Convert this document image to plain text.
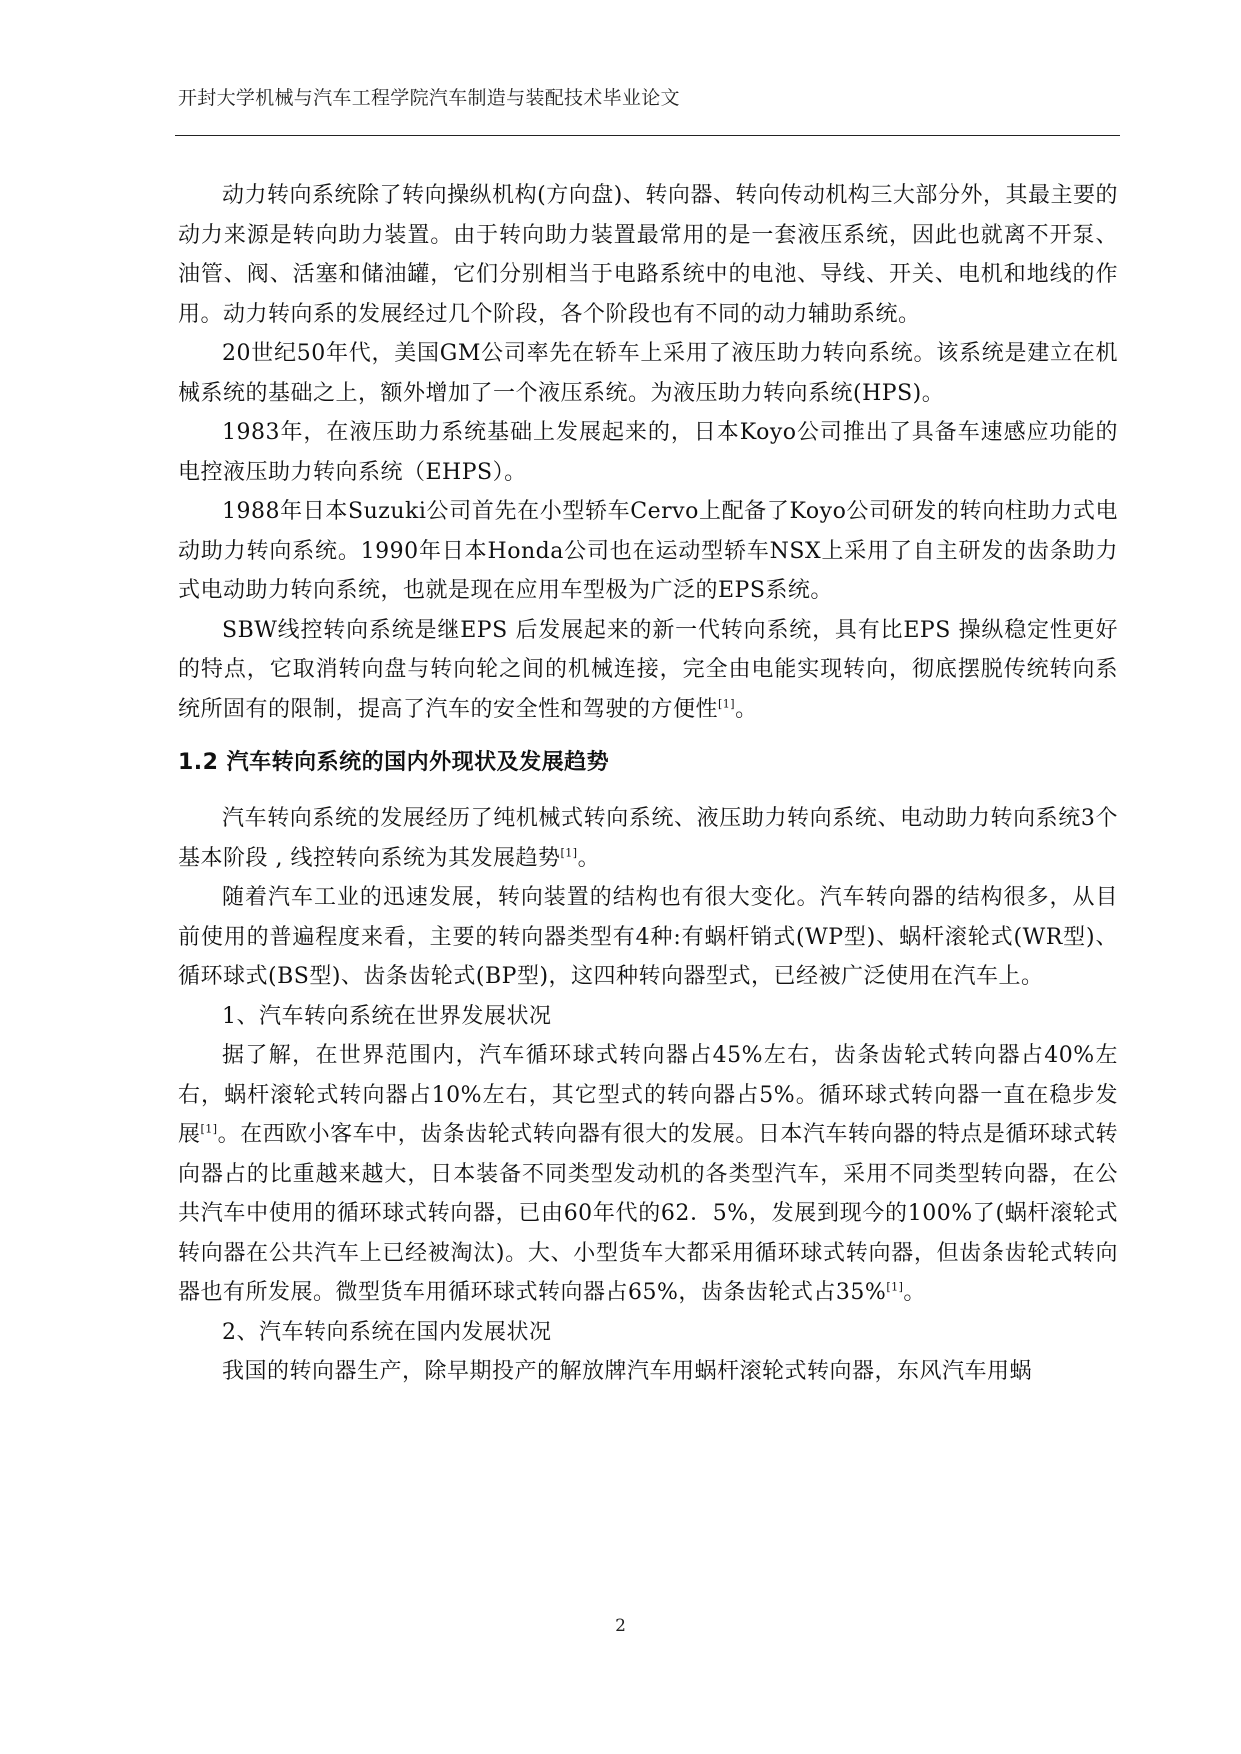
开封大学机械与汽车工程学院汽车制造与装配技术毕业论文

动力转向系统除了转向操纵机构(方向盘)、转向器、转向传动机构三大部分外，其最主要的动力来源是转向助力装置。由于转向助力装置最常用的是一套液压系统，因此也就离不开泵、油管、阀、活塞和储油罐，它们分别相当于电路系统中的电池、导线、开关、电机和地线的作用。动力转向系的发展经过几个阶段，各个阶段也有不同的动力辅助系统。

20世纪50年代，美国GM公司率先在轿车上采用了液压助力转向系统。该系统是建立在机械系统的基础之上，额外增加了一个液压系统。为液压助力转向系统(HPS)。

1983年，在液压助力系统基础上发展起来的，日本Koyo公司推出了具备车速感应功能的电控液压助力转向系统（EHPS）。

1988年日本Suzuki公司首先在小型轿车Cervo上配备了Koyo公司研发的转向柱助力式电动助力转向系统。1990年日本Honda公司也在运动型轿车NSX上采用了自主研发的齿条助力式电动助力转向系统，也就是现在应用车型极为广泛的EPS系统。

SBW线控转向系统是继EPS 后发展起来的新一代转向系统，具有比EPS 操纵稳定性更好的特点，它取消转向盘与转向轮之间的机械连接，完全由电能实现转向，彻底摆脱传统转向系统所固有的限制，提高了汽车的安全性和驾驶的方便性[1]。

1.2 汽车转向系统的国内外现状及发展趋势

汽车转向系统的发展经历了纯机械式转向系统、液压助力转向系统、电动助力转向系统3个基本阶段 , 线控转向系统为其发展趋势[1]。

随着汽车工业的迅速发展，转向装置的结构也有很大变化。汽车转向器的结构很多，从目前使用的普遍程度来看，主要的转向器类型有4种:有蜗杆销式(WP型)、蜗杆滚轮式(WR型)、循环球式(BS型)、齿条齿轮式(BP型)，这四种转向器型式，已经被广泛使用在汽车上。

1、汽车转向系统在世界发展状况

据了解，在世界范围内，汽车循环球式转向器占45%左右，齿条齿轮式转向器占40%左右，蜗杆滚轮式转向器占10%左右，其它型式的转向器占5%。循环球式转向器一直在稳步发展[1]。在西欧小客车中，齿条齿轮式转向器有很大的发展。日本汽车转向器的特点是循环球式转向器占的比重越来越大，日本装备不同类型发动机的各类型汽车，采用不同类型转向器，在公共汽车中使用的循环球式转向器，已由60年代的62．5%，发展到现今的100%了(蜗杆滚轮式转向器在公共汽车上已经被淘汰)。大、小型货车大都采用循环球式转向器，但齿条齿轮式转向器也有所发展。微型货车用循环球式转向器占65%，齿条齿轮式占35%[1]。

2、汽车转向系统在国内发展状况

我国的转向器生产，除早期投产的解放牌汽车用蜗杆滚轮式转向器，东风汽车用蜗

2
